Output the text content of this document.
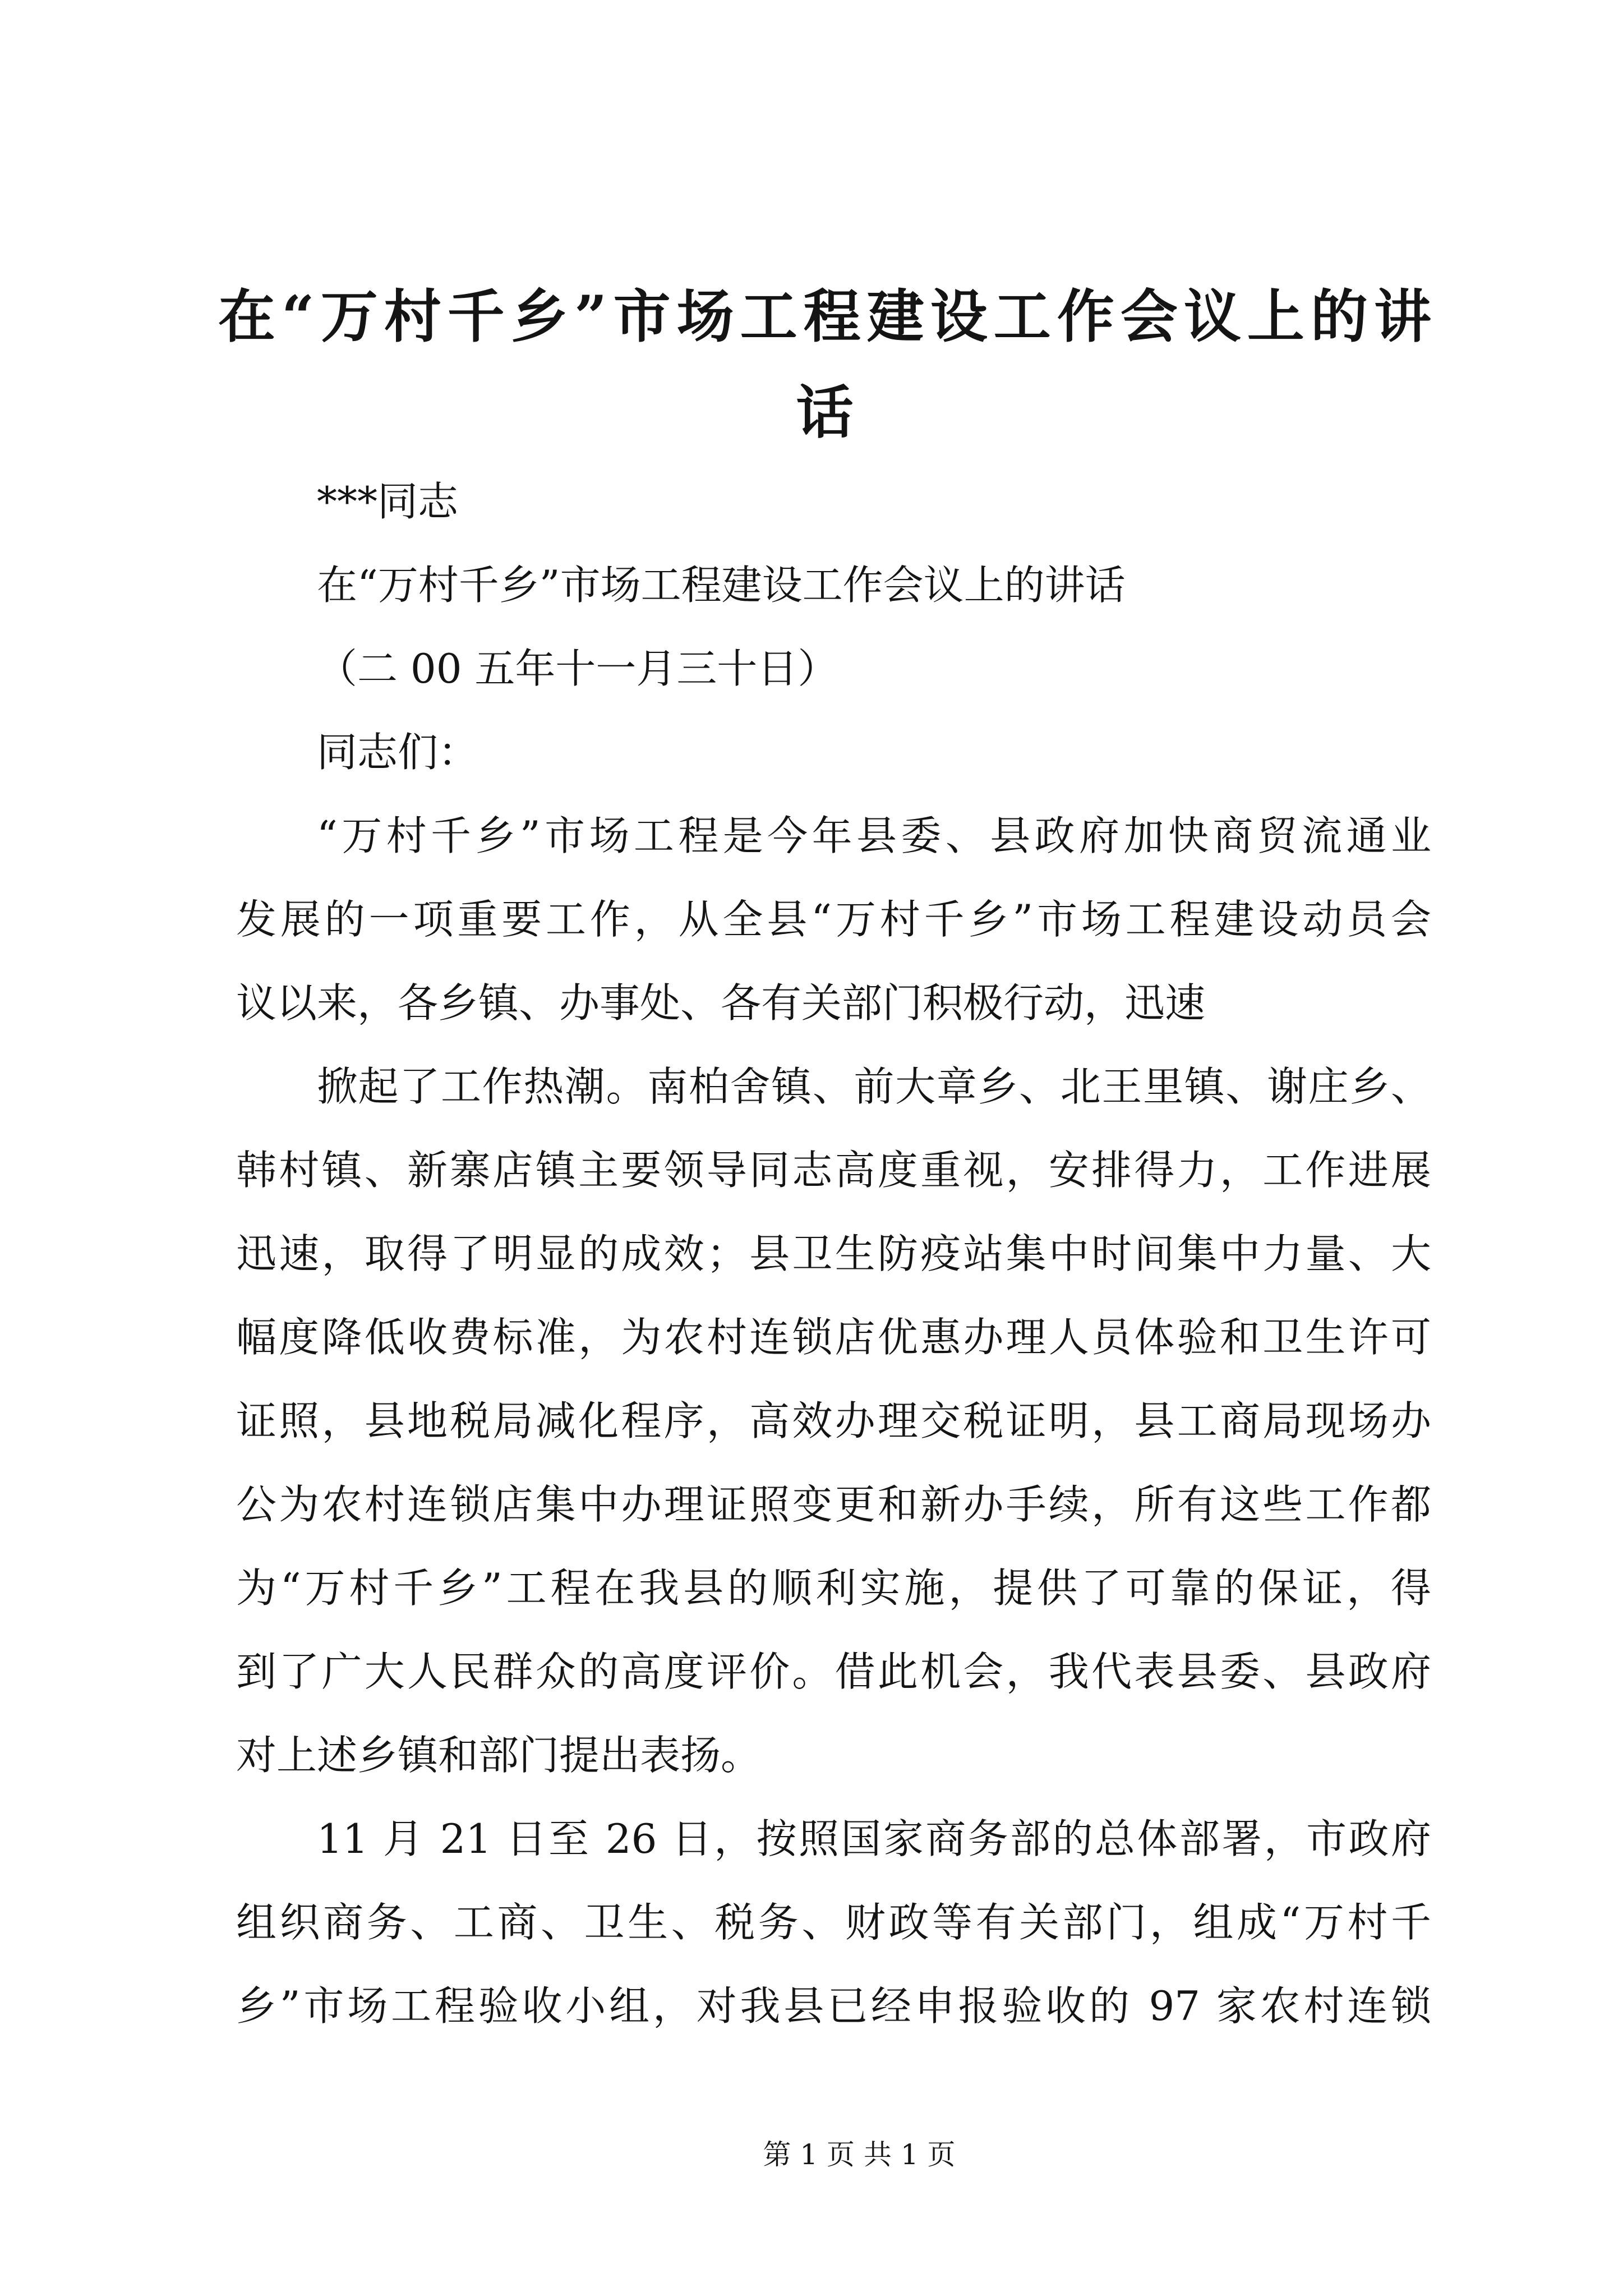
在“万村千乡”市场工程建设工作会议上的讲
话
***同志
在“万村千乡”市场工程建设工作会议上的讲话
（二 00 五年十一月三十日）
同志们：
“万村千乡”市场工程是今年县委、县政府加快商贸流通业
发展的一项重要工作，从全县“万村千乡”市场工程建设动员会
议以来，各乡镇、办事处、各有关部门积极行动，迅速
掀起了工作热潮。南柏舍镇、前大章乡、北王里镇、谢庄乡、
韩村镇、新寨店镇主要领导同志高度重视，安排得力，工作进展
迅速，取得了明显的成效；县卫生防疫站集中时间集中力量、大
幅度降低收费标准，为农村连锁店优惠办理人员体验和卫生许可
证照，县地税局减化程序，高效办理交税证明，县工商局现场办
公为农村连锁店集中办理证照变更和新办手续，所有这些工作都
为“万村千乡”工程在我县的顺利实施，提供了可靠的保证，得
到了广大人民群众的高度评价。借此机会，我代表县委、县政府
对上述乡镇和部门提出表扬。
11 月 21 日至 26 日，按照国家商务部的总体部署，市政府
组织商务、工商、卫生、税务、财政等有关部门，组成“万村千
乡”市场工程验收小组，对我县已经申报验收的 97 家农村连锁
第 1 页 共 1 页
